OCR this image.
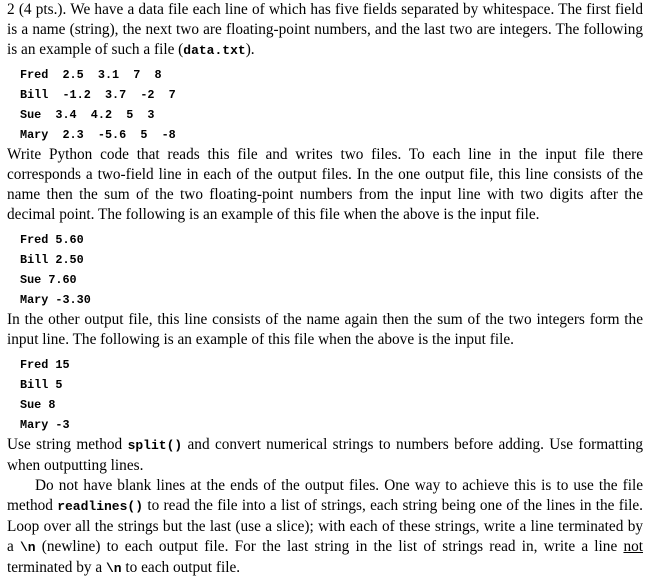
2 (4 pts.). We have a data file each line of which has five fields separated by whitespace. The first field is a name (string), the next two are floating-point numbers, and the last two are integers. The following is an example of such a file (data.txt).

Fred  2.5  3.1  7  8
Bill  -1.2  3.7  -2  7
Sue  3.4  4.2  5  3
Mary  2.3  -5.6  5  -8

Write Python code that reads this file and writes two files. To each line in the input file there corresponds a two-field line in each of the output files. In the one output file, this line consists of the name then the sum of the two floating-point numbers from the input line with two digits after the decimal point. The following is an example of this file when the above is the input file.

Fred 5.60
Bill 2.50
Sue 7.60
Mary -3.30

In the other output file, this line consists of the name again then the sum of the two integers form the input line. The following is an example of this file when the above is the input file.

Fred 15
Bill 5
Sue 8
Mary -3

Use string method split() and convert numerical strings to numbers before adding. Use formatting when outputting lines.

Do not have blank lines at the ends of the output files. One way to achieve this is to use the file method readlines() to read the file into a list of strings, each string being one of the lines in the file. Loop over all the strings but the last (use a slice); with each of these strings, write a line terminated by a \n (newline) to each output file. For the last string in the list of strings read in, write a line not terminated by a \n to each output file.
